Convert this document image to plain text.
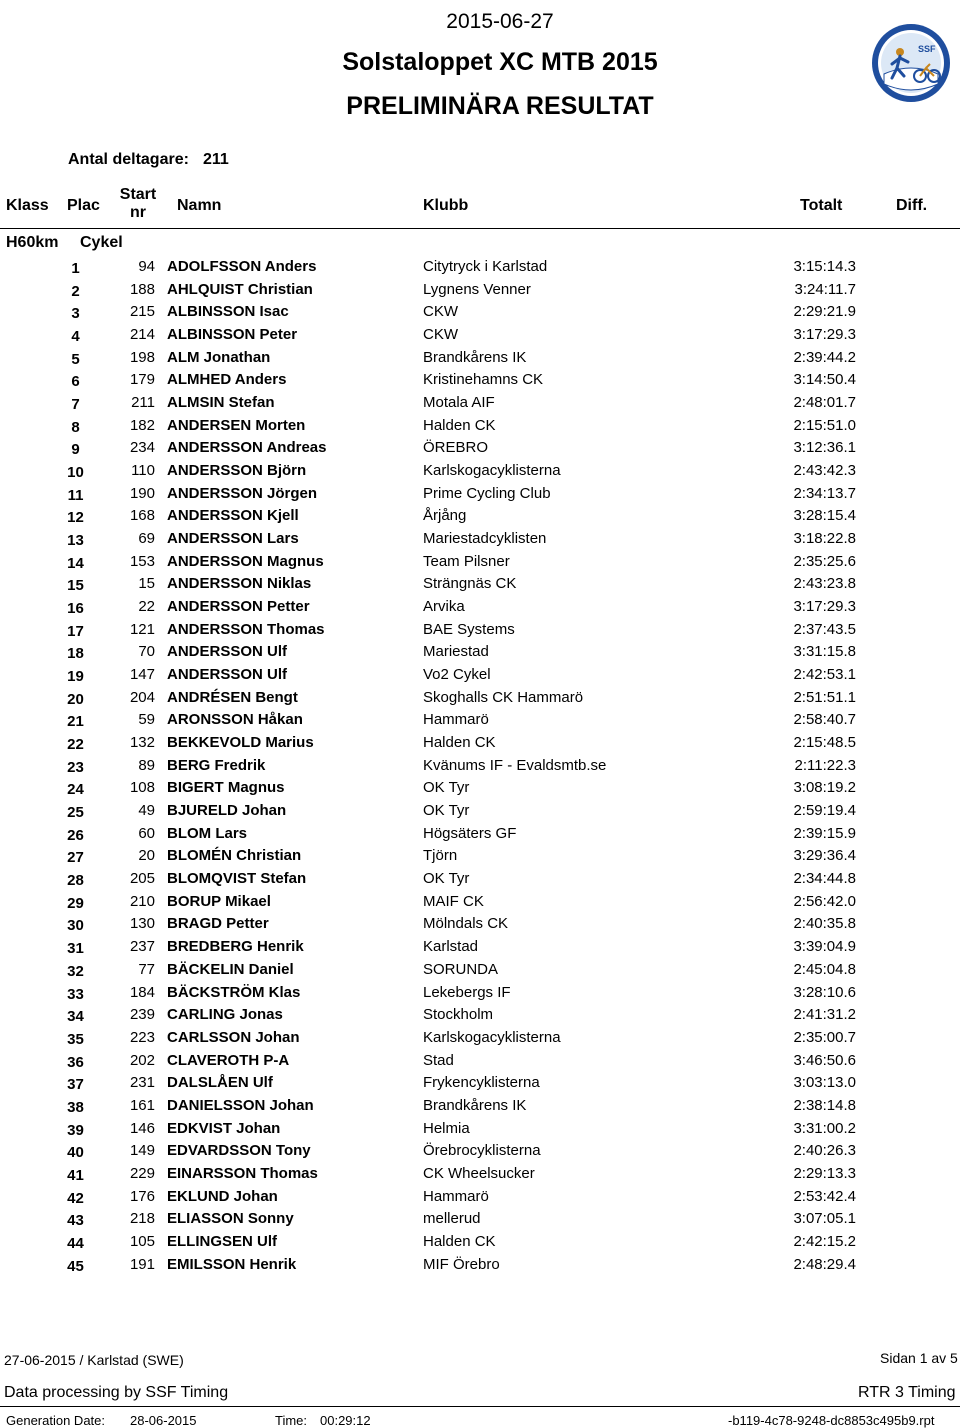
2015-06-27
Solstaloppet XC MTB 2015
PRELIMINÄRA RESULTAT
SSF
Antal deltagare: 211
Klass Plac
Start
nr	Namn	Klubb	Totalt	Diff.
H60km Cykel
1	94 ADOLFSSON Anders	Citytryck i Karlstad	3:15:14.3
2	188 AHLQUIST Christian	Lygnens Venner	3:24:11.7
3	215 ALBINSSON Isac	CKW	2:29:21.9
4	214 ALBINSSON Peter	CKW	3:17:29.3
5	198 ALM Jonathan	Brandkårens IK	2:39:44.2
6	179 ALMHED Anders	Kristinehamns CK	3:14:50.4
7	211 ALMSIN Stefan	Motala AIF	2:48:01.7
8	182 ANDERSEN Morten	Halden CK	2:15:51.0
9	234 ANDERSSON Andreas	ÖREBRO	3:12:36.1
10	110 ANDERSSON Björn	Karlskogacyklisterna	2:43:42.3
11	190 ANDERSSON Jörgen	Prime Cycling Club	2:34:13.7
12	168 ANDERSSON Kjell	Årjång	3:28:15.4
13	69 ANDERSSON Lars	Mariestadcyklisten	3:18:22.8
14	153 ANDERSSON Magnus	Team Pilsner	2:35:25.6
15	15 ANDERSSON Niklas	Strängnäs CK	2:43:23.8
16	22 ANDERSSON Petter	Arvika	3:17:29.3
17	121 ANDERSSON Thomas	BAE Systems	2:37:43.5
18	70 ANDERSSON Ulf	Mariestad	3:31:15.8
19	147 ANDERSSON Ulf	Vo2 Cykel	2:42:53.1
20	204 ANDRÉSEN Bengt	Skoghalls CK Hammarö	2:51:51.1
21	59 ARONSSON Håkan	Hammarö	2:58:40.7
22	132 BEKKEVOLD Marius	Halden CK	2:15:48.5
23	89 BERG Fredrik	Kvänums IF - Evaldsmtb.se	2:11:22.3
24	108 BIGERT Magnus	OK Tyr	3:08:19.2
25	49 BJURELD Johan	OK Tyr	2:59:19.4
26	60 BLOM Lars	Högsäters GF	2:39:15.9
27	20 BLOMÉN Christian	Tjörn	3:29:36.4
28	205 BLOMQVIST Stefan	OK Tyr	2:34:44.8
29	210 BORUP Mikael	MAIF CK	2:56:42.0
30	130 BRAGD Petter	Mölndals CK	2:40:35.8
31	237 BREDBERG Henrik	Karlstad	3:39:04.9
32	77 BÄCKELIN Daniel	SORUNDA	2:45:04.8
33	184 BÄCKSTRÖM Klas	Lekebergs IF	3:28:10.6
34	239 CARLING Jonas	Stockholm	2:41:31.2
35	223 CARLSSON Johan	Karlskogacyklisterna	2:35:00.7
36	202 CLAVEROTH P-A	Stad	3:46:50.6
37	231 DALSLÅEN Ulf	Frykencyklisterna	3:03:13.0
38	161 DANIELSSON Johan	Brandkårens IK	2:38:14.8
39	146 EDKVIST Johan	Helmia	3:31:00.2
40	149 EDVARDSSON Tony	Örebrocyklisterna	2:40:26.3
41	229 EINARSSON Thomas	CK Wheelsucker	2:29:13.3
42	176 EKLUND Johan	Hammarö	2:53:42.4
43	218 ELIASSON Sonny	mellerud	3:07:05.1
44	105 ELLINGSEN Ulf	Halden CK	2:42:15.2
45	191 EMILSSON Henrik	MIF Örebro	2:48:29.4
27-06-2015 / Karlstad (SWE)	Sidan 1 av 5
Data processing by SSF Timing	RTR 3 Timing
Generation Date: 28-06-2015	Time: 00:29:12	-b119-4c78-9248-dc8853c495b9.rpt
